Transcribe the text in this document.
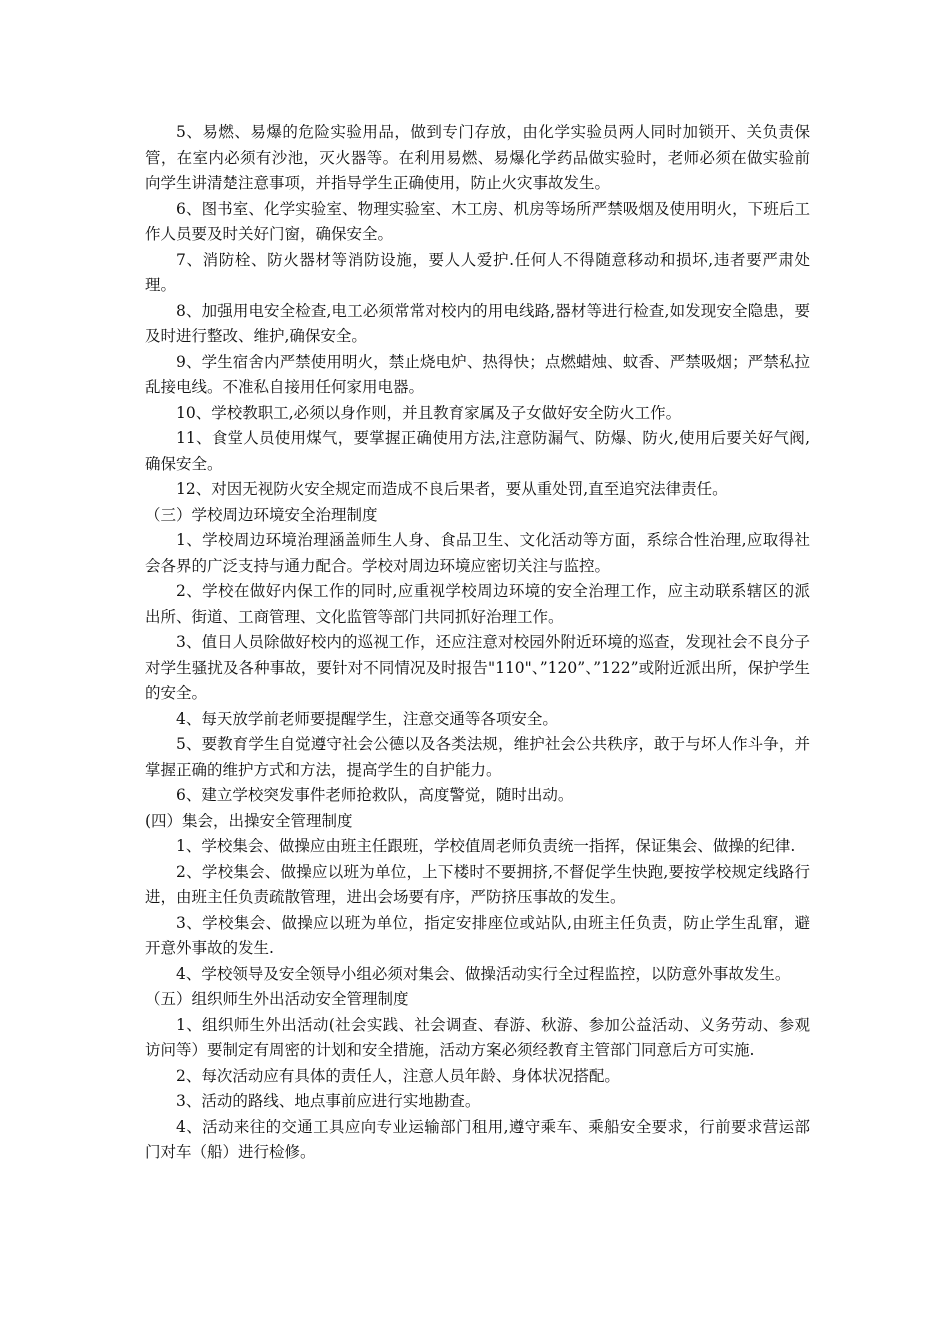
5、易燃、易爆的危险实验用品，做到专门存放，由化学实验员两人同时加锁开、关负责保管，在室内必须有沙池，灭火器等。在利用易燃、易爆化学药品做实验时，老师必须在做实验前向学生讲清楚注意事项，并指导学生正确使用，防止火灾事故发生。

6、图书室、化学实验室、物理实验室、木工房、机房等场所严禁吸烟及使用明火，下班后工作人员要及时关好门窗，确保安全。

7、消防栓、防火器材等消防设施，要人人爱护.任何人不得随意移动和损坏,违者要严肃处理。

8、加强用电安全检查,电工必须常常对校内的用电线路,器材等进行检查,如发现安全隐患，要及时进行整改、维护,确保安全。

9、学生宿舍内严禁使用明火，禁止烧电炉、热得快；点燃蜡烛、蚊香、严禁吸烟；严禁私拉乱接电线。不准私自接用任何家用电器。

10、学校教职工,必须以身作则，并且教育家属及子女做好安全防火工作。

11、食堂人员使用煤气，要掌握正确使用方法,注意防漏气、防爆、防火,使用后要关好气阀,确保安全。

12、对因无视防火安全规定而造成不良后果者，要从重处罚,直至追究法律责任。

（三）学校周边环境安全治理制度

1、学校周边环境治理涵盖师生人身、食品卫生、文化活动等方面，系综合性治理,应取得社会各界的广泛支持与通力配合。学校对周边环境应密切关注与监控。

2、学校在做好内保工作的同时,应重视学校周边环境的安全治理工作，应主动联系辖区的派出所、街道、工商管理、文化监管等部门共同抓好治理工作。

3、值日人员除做好校内的巡视工作，还应注意对校园外附近环境的巡查，发现社会不良分子对学生骚扰及各种事故，要针对不同情况及时报告"110"、”120”、”122”或附近派出所，保护学生的安全。

4、每天放学前老师要提醒学生，注意交通等各项安全。

5、要教育学生自觉遵守社会公德以及各类法规，维护社会公共秩序，敢于与坏人作斗争，并掌握正确的维护方式和方法，提高学生的自护能力。

6、建立学校突发事件老师抢救队，高度警觉，随时出动。

(四）集会，出操安全管理制度

1、学校集会、做操应由班主任跟班，学校值周老师负责统一指挥，保证集会、做操的纪律.

2、学校集会、做操应以班为单位，上下楼时不要拥挤,不督促学生快跑,要按学校规定线路行进，由班主任负责疏散管理，进出会场要有序，严防挤压事故的发生。

3、学校集会、做操应以班为单位，指定安排座位或站队,由班主任负责，防止学生乱窜，避开意外事故的发生.

4、学校领导及安全领导小组必须对集会、做操活动实行全过程监控，以防意外事故发生。

（五）组织师生外出活动安全管理制度

1、组织师生外出活动(社会实践、社会调查、春游、秋游、参加公益活动、义务劳动、参观访问等）要制定有周密的计划和安全措施，活动方案必须经教育主管部门同意后方可实施.

2、每次活动应有具体的责任人，注意人员年龄、身体状况搭配。

3、活动的路线、地点事前应进行实地勘查。

4、活动来往的交通工具应向专业运输部门租用,遵守乘车、乘船安全要求，行前要求营运部门对车（船）进行检修。
